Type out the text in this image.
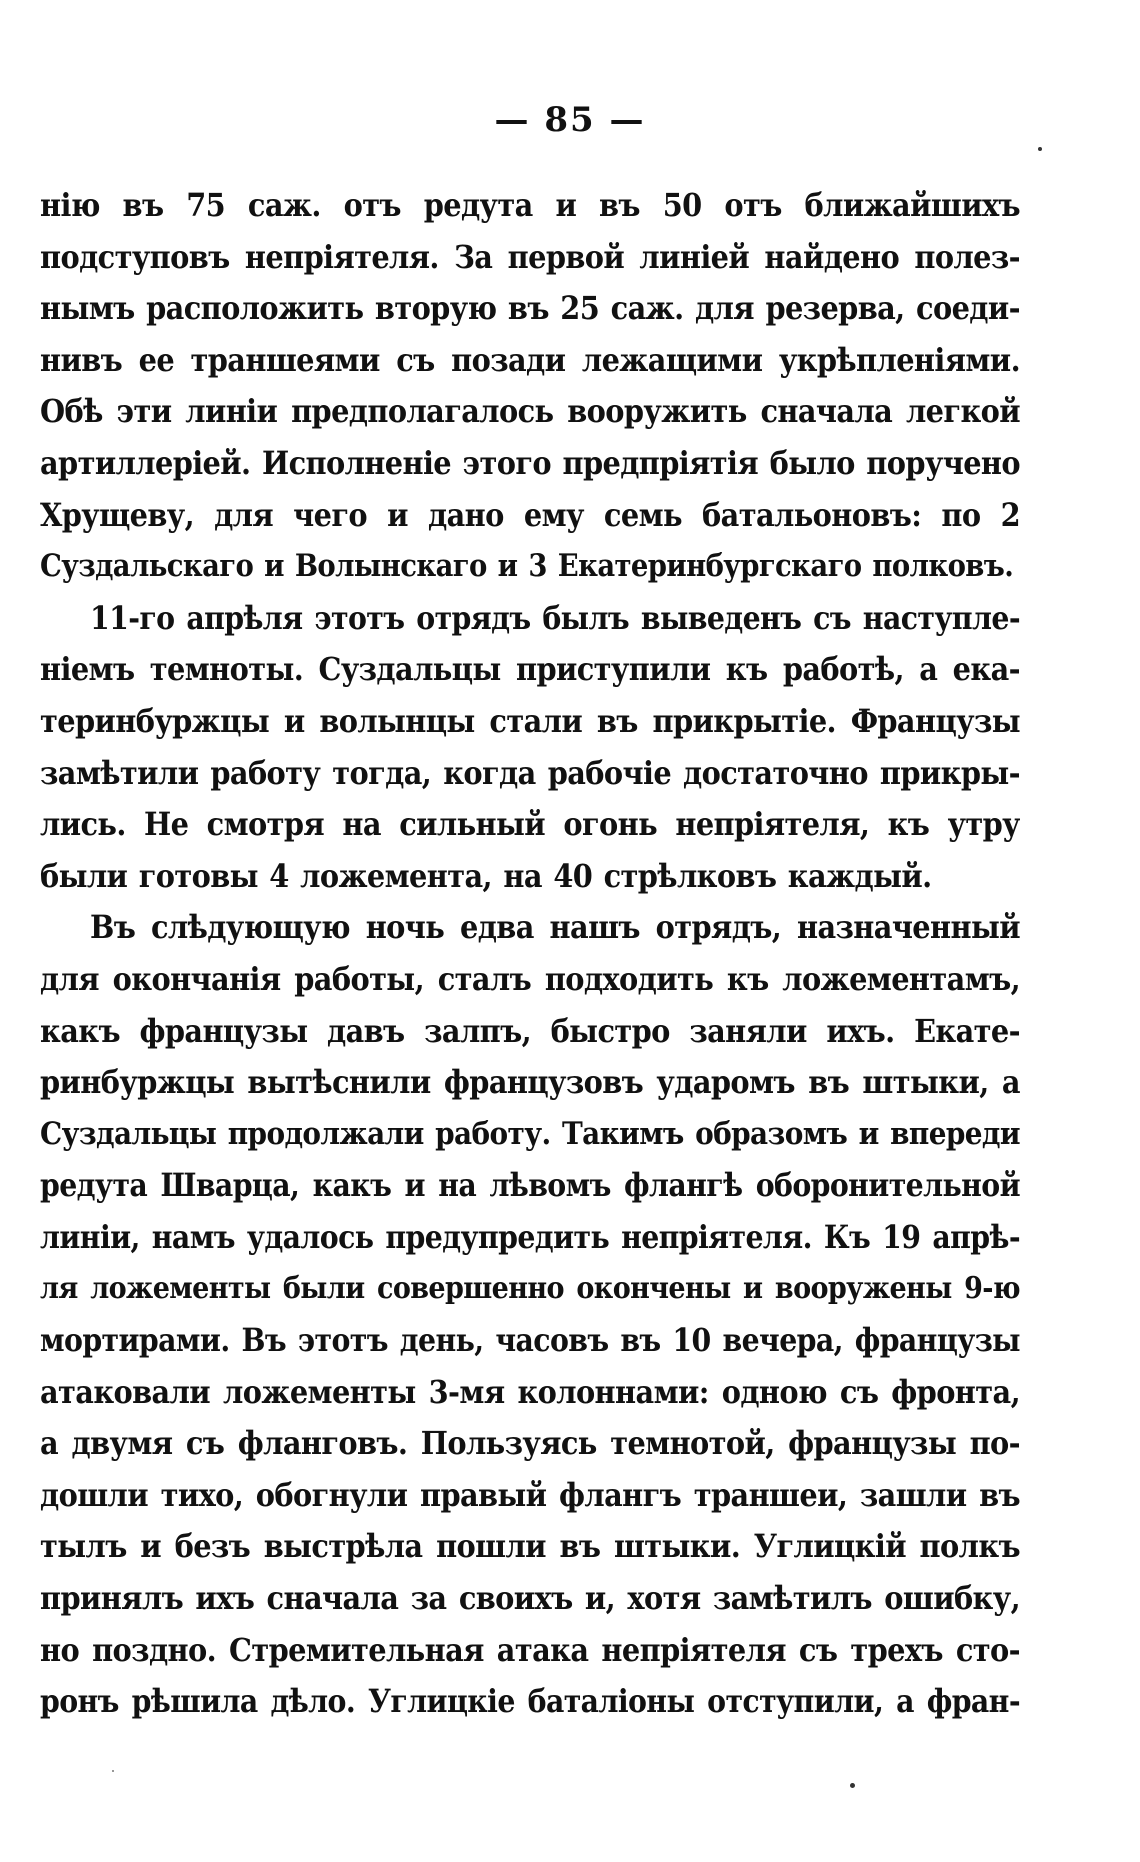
— 85 —
нію въ 75 саж. отъ редута и въ 50 отъ ближайшихъ
подступовъ непріятеля. За первой линіей найдено полез-
нымъ расположить вторую въ 25 саж. для резерва, соеди-
нивъ ее траншеями съ позади лежащими укрѣпленіями.
Обѣ эти линіи предполагалось вооружить сначала легкой
артиллеріей. Исполненіе этого предпріятія было поручено
Хрущеву, для чего и дано ему семь батальоновъ: по 2
Суздальскаго и Волынскаго и 3 Екатеринбургскаго полковъ.
11-го апрѣля этотъ отрядъ былъ выведенъ съ наступле-
ніемъ темноты. Суздальцы приступили къ работѣ, а ека-
теринбуржцы и волынцы стали въ прикрытіе. Французы
замѣтили работу тогда, когда рабочіе достаточно прикры-
лись. Не смотря на сильный огонь непріятеля, къ утру
были готовы 4 ложемента, на 40 стрѣлковъ каждый.
Въ слѣдующую ночь едва нашъ отрядъ, назначенный
для окончанія работы, сталъ подходить къ ложементамъ,
какъ французы давъ залпъ, быстро заняли ихъ. Екате-
ринбуржцы вытѣснили французовъ ударомъ въ штыки, а
Суздальцы продолжали работу. Такимъ образомъ и впереди
редута Шварца, какъ и на лѣвомъ флангѣ оборонительной
линіи, намъ удалось предупредить непріятеля. Къ 19 апрѣ-
ля ложементы были совершенно окончены и вооружены 9-ю
мортирами. Въ этотъ день, часовъ въ 10 вечера, французы
атаковали ложементы 3-мя колоннами: одною съ фронта,
а двумя съ фланговъ. Пользуясь темнотой, французы по-
дошли тихо, обогнули правый флангъ траншеи, зашли въ
тылъ и безъ выстрѣла пошли въ штыки. Углицкій полкъ
принялъ ихъ сначала за своихъ и, хотя замѣтилъ ошибку,
но поздно. Стремительная атака непріятеля съ трехъ сто-
ронъ рѣшила дѣло. Углицкіе баталіоны отступили, а фран-
